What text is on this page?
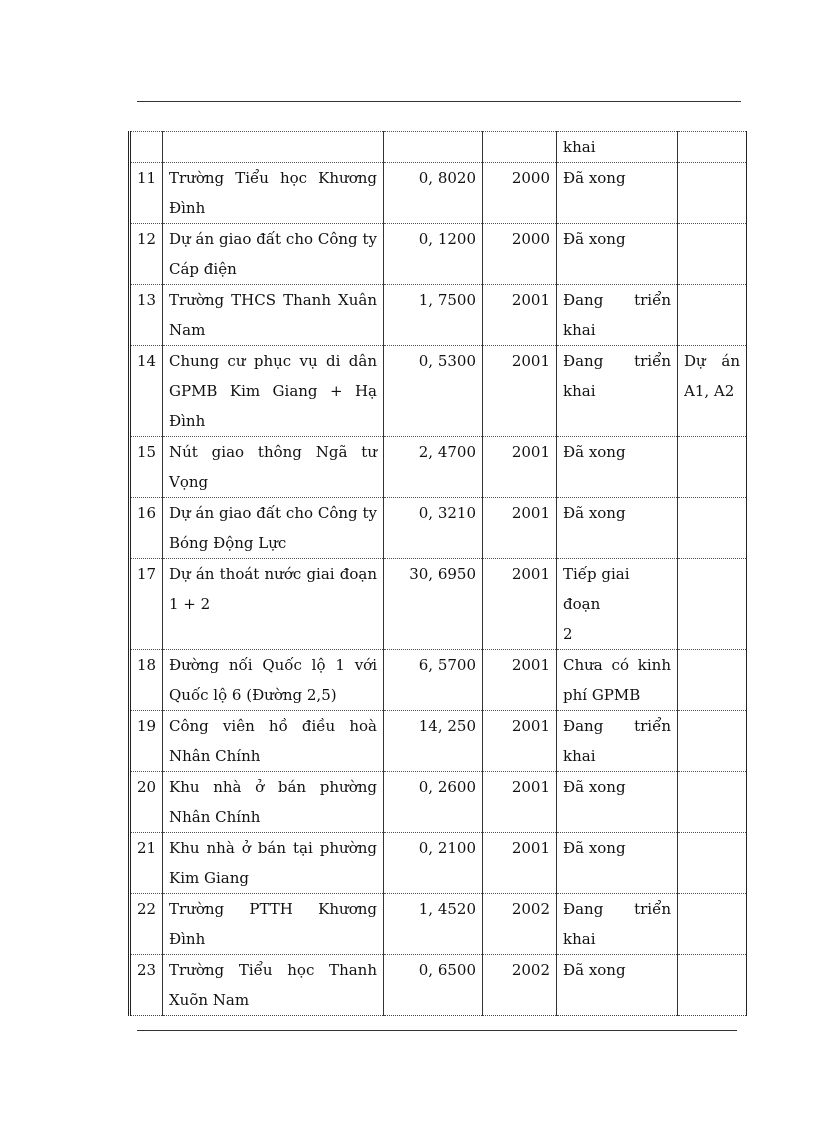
				khai	

11	Trường Tiểu học Khương
Đình	0, 8020	2000	Đã xong	

12	Dự án giao đất cho Công ty
Cáp điện	0, 1200	2000	Đã xong	

13	Trường THCS Thanh Xuân
Nam	1, 7500	2001	Đang triển
khai	

14	Chung cư phục vụ di dân
GPMB Kim Giang + Hạ
Đình	0, 5300	2001	Đang triển
khai	Dự án
A1, A2

15	Nút giao thông Ngã tư
Vọng	2, 4700	2001	Đã xong	

16	Dự án giao đất cho Công ty
Bóng Động Lực	0, 3210	2001	Đã xong	

17	Dự án thoát nước giai đoạn
1 + 2	30, 6950	2001	Tiếp giai đoạn
2	

18	Đường nối Quốc lộ 1 với
Quốc lộ 6 (Đường 2,5)	6, 5700	2001	Chưa có kinh
phí GPMB	

19	Công viên hồ điều hoà
Nhân Chính	14, 250	2001	Đang triển
khai	

20	Khu nhà ở bán phường
Nhân Chính	0, 2600	2001	Đã xong	

21	Khu nhà ở bán tại phường
Kim Giang	0, 2100	2001	Đã xong	

22	Trường PTTH Khương
Đình	1, 4520	2002	Đang triển
khai	

23	Trường Tiểu học Thanh
Xuõn Nam	0, 6500	2002	Đã xong	
